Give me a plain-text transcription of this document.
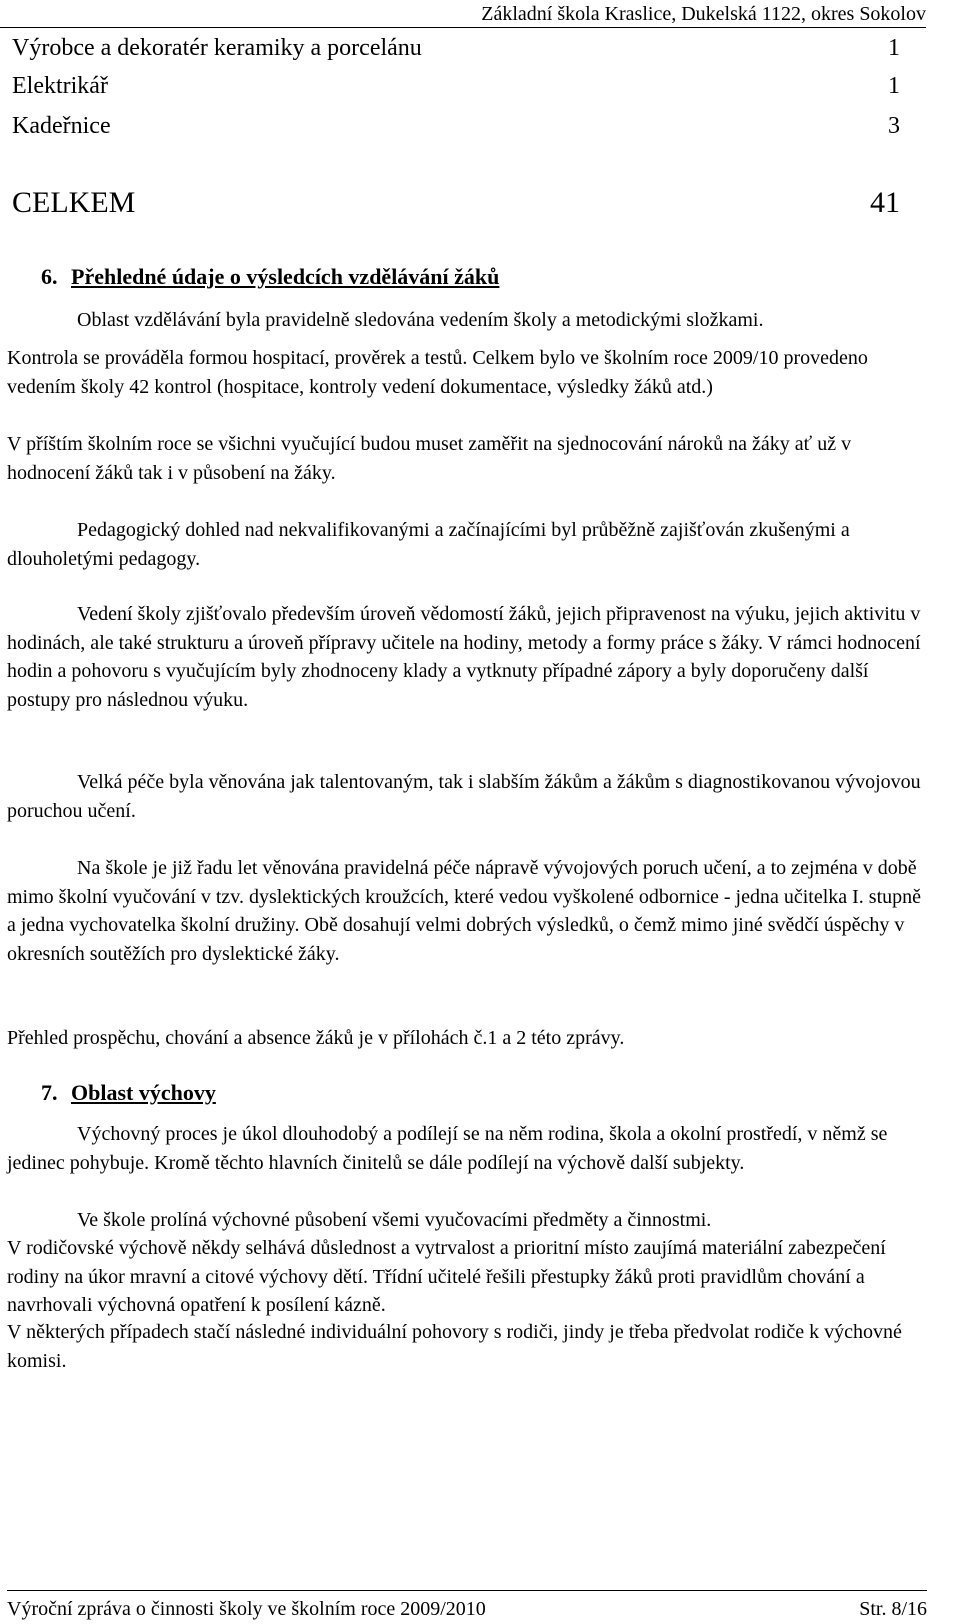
Základní škola Kraslice, Dukelská 1122, okres Sokolov
Výrobce a dekoratér keramiky a porcelánu	1
Elektrikář	1
Kadeřnice	3
CELKEM	41
6. Přehledné údaje o výsledcích vzdělávání žáků

Oblast vzdělávání byla pravidelně sledována vedením školy a metodickými složkami.

Kontrola se prováděla formou hospitací, prověrek a testů. Celkem bylo ve školním roce 2009/10 provedeno vedením školy 42 kontrol (hospitace, kontroly vedení dokumentace, výsledky žáků atd.)

V příštím školním roce se všichni vyučující budou muset zaměřit na sjednocování nároků na žáky ať už v hodnocení žáků tak i v působení na žáky.

Pedagogický dohled nad nekvalifikovanými a začínajícími byl průběžně zajišťován zkušenými a dlouholetými pedagogy.

Vedení školy zjišťovalo především úroveň vědomostí žáků, jejich připravenost na výuku, jejich aktivitu v hodinách, ale také strukturu a úroveň přípravy učitele na hodiny, metody a formy práce s žáky. V rámci hodnocení hodin a pohovoru s vyučujícím byly zhodnoceny klady a vytknuty případné zápory a byly doporučeny další postupy pro následnou výuku.

Velká péče byla věnována jak talentovaným, tak i slabším žákům a žákům s diagnostikovanou vývojovou poruchou učení.

Na škole je již řadu let věnována pravidelná péče nápravě vývojových poruch učení, a to zejména v době mimo školní vyučování v tzv. dyslektických kroužcích, které vedou vyškolené odbornice - jedna učitelka I. stupně a jedna vychovatelka školní družiny. Obě dosahují velmi dobrých výsledků, o čemž mimo jiné svědčí úspěchy v okresních soutěžích pro dyslektické žáky.

Přehled prospěchu, chování a absence žáků je v přílohách č.1 a 2 této zprávy.

7. Oblast výchovy

Výchovný proces je úkol dlouhodobý a podílejí se na něm rodina, škola a okolní prostředí, v němž se jedinec pohybuje. Kromě těchto hlavních činitelů se dále podílejí na výchově další subjekty.

Ve škole prolíná výchovné působení všemi vyučovacími předměty a činnostmi.

V rodičovské výchově někdy selhává důslednost a vytrvalost a prioritní místo zaujímá materiální zabezpečení rodiny na úkor mravní a citové výchovy dětí. Třídní učitelé řešili přestupky žáků proti pravidlům chování a navrhovali výchovná opatření k posílení kázně.

V některých případech stačí následné individuální pohovory s rodiči, jindy je třeba předvolat rodiče k výchovné komisi.

Výroční zpráva o činnosti školy ve školním roce 2009/2010	Str. 8/16
